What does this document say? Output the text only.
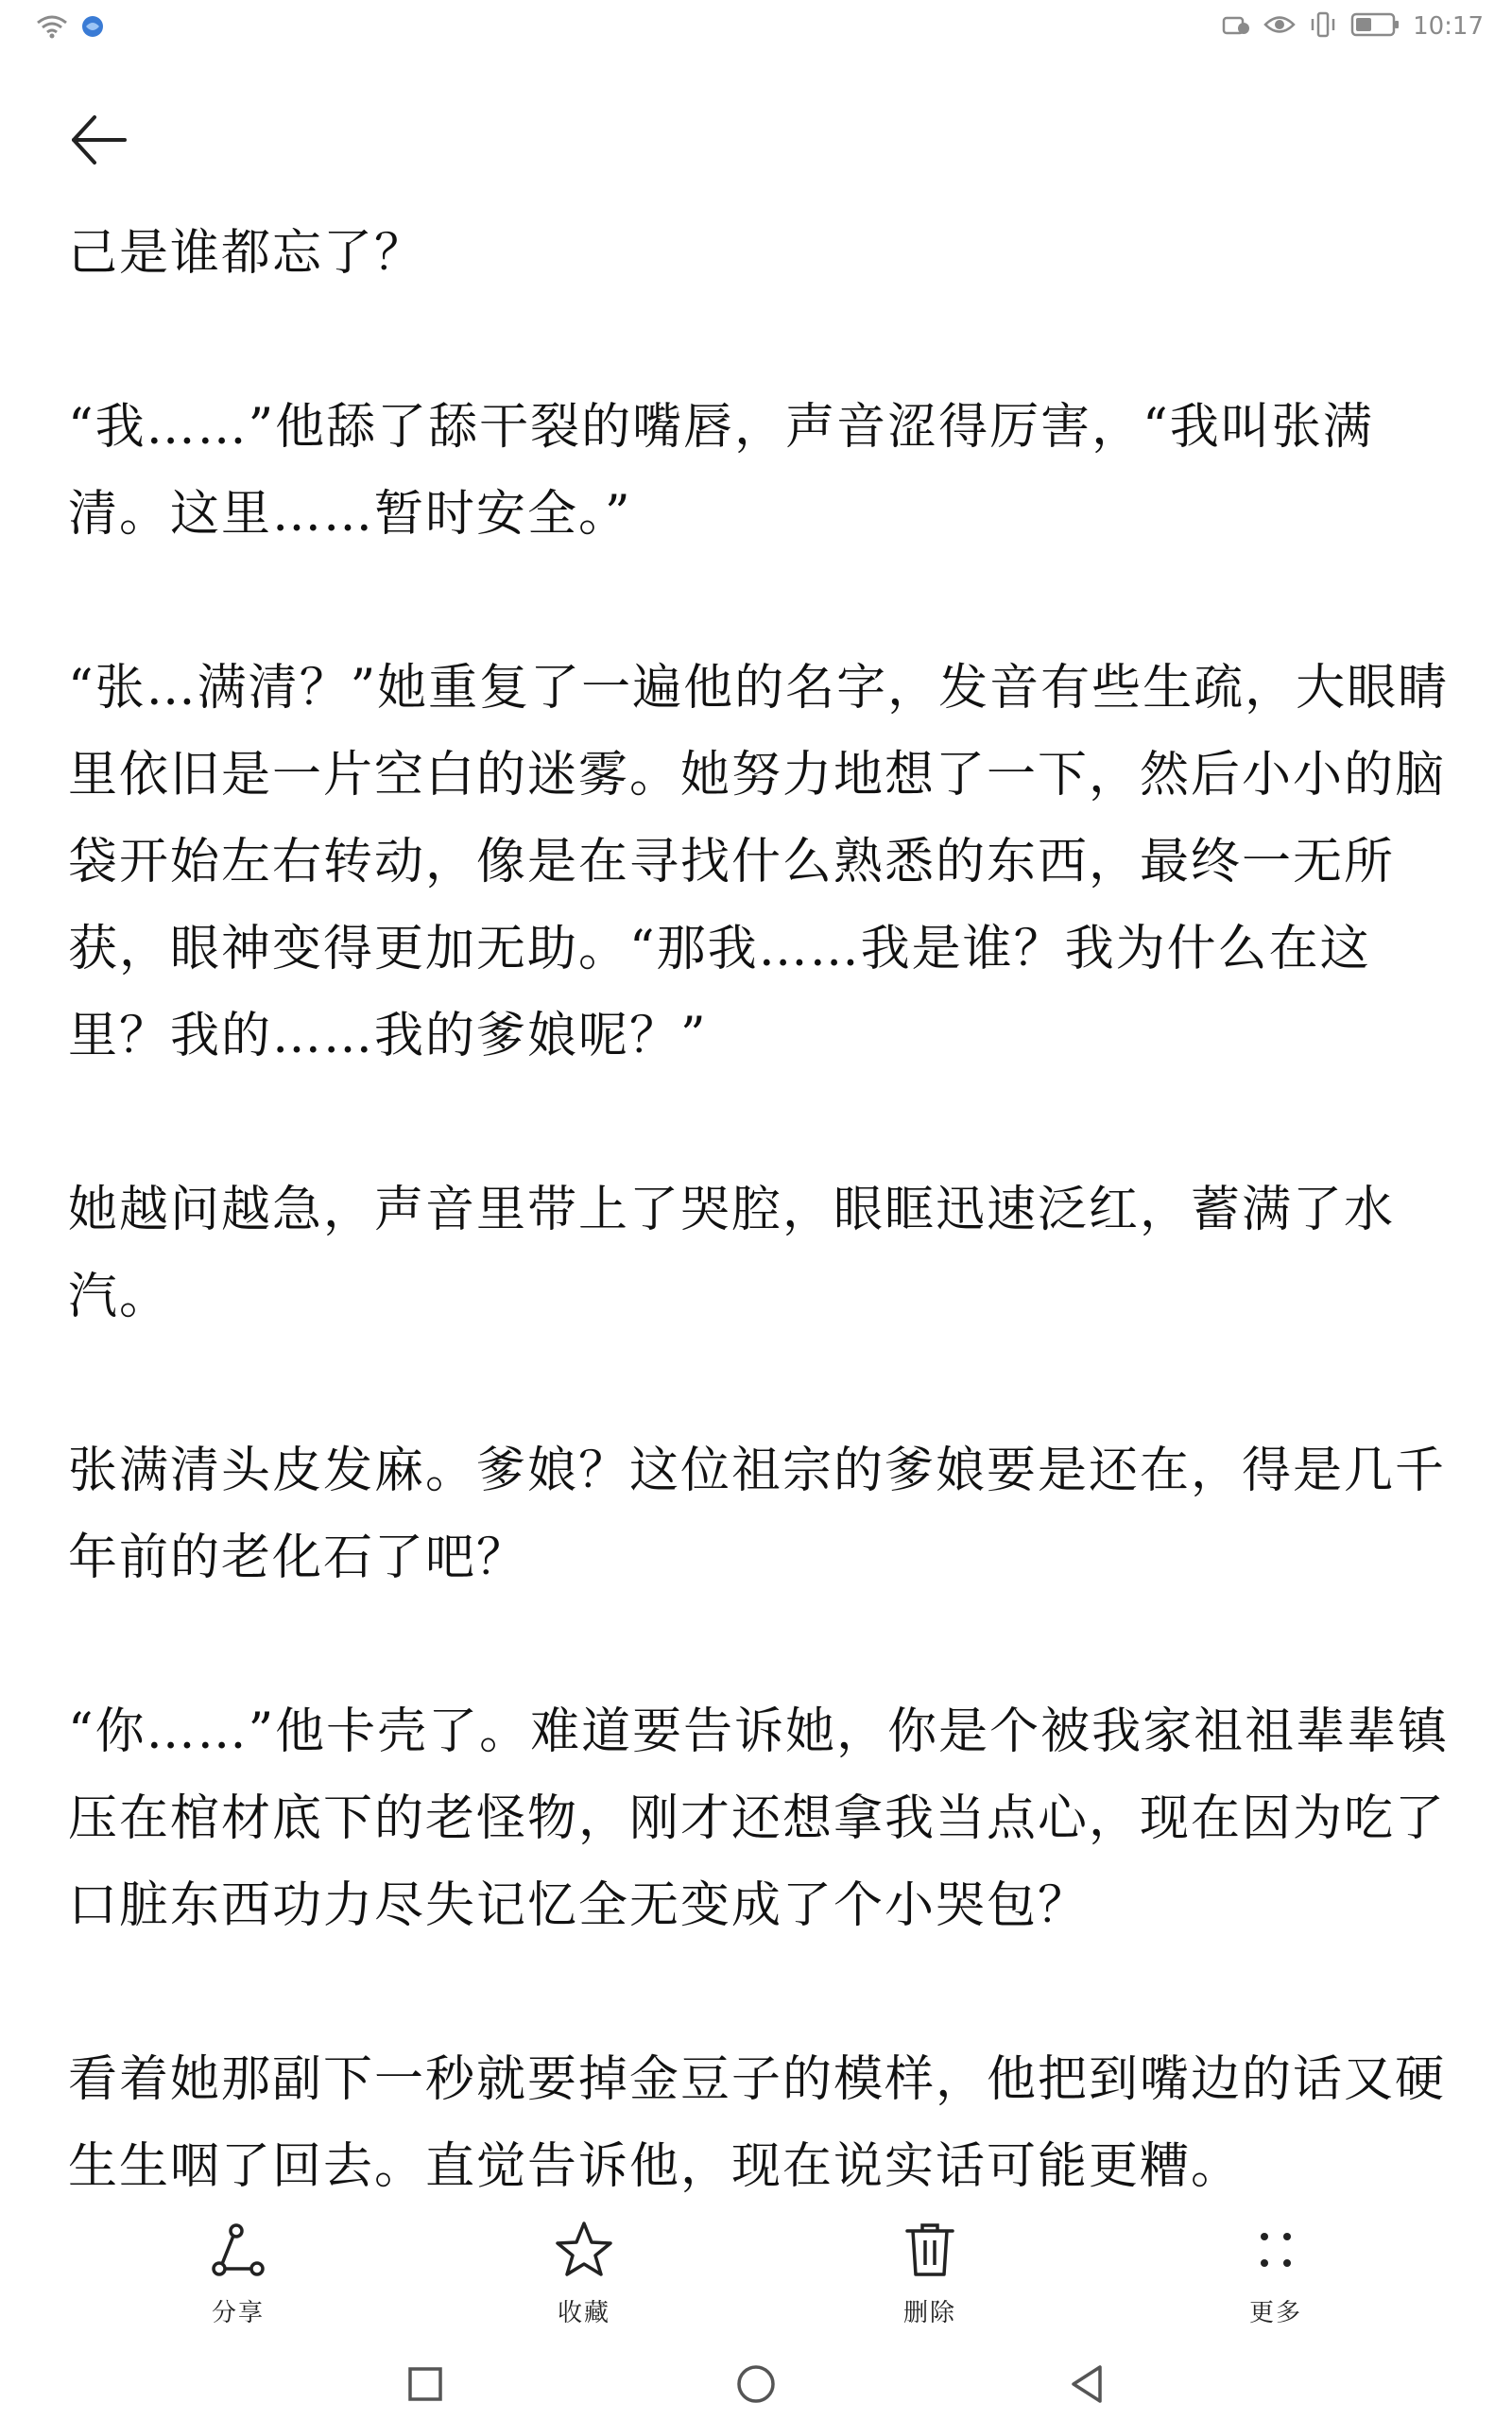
10:17

己是谁都忘了？

“我……”他舔了舔干裂的嘴唇，声音涩得厉害，“我叫张满清。这里……暂时安全。”

“张…满清？”她重复了一遍他的名字，发音有些生疏，大眼睛里依旧是一片空白的迷雾。她努力地想了一下，然后小小的脑袋开始左右转动，像是在寻找什么熟悉的东西，最终一无所获，眼神变得更加无助。“那我……我是谁？我为什么在这里？我的……我的爹娘呢？”

她越问越急，声音里带上了哭腔，眼眶迅速泛红，蓄满了水汽。

张满清头皮发麻。爹娘？这位祖宗的爹娘要是还在，得是几千年前的老化石了吧？

“你……”他卡壳了。难道要告诉她，你是个被我家祖祖辈辈镇压在棺材底下的老怪物，刚才还想拿我当点心，现在因为吃了口脏东西功力尽失记忆全无变成了个小哭包？

看着她那副下一秒就要掉金豆子的模样，他把到嘴边的话又硬生生咽了回去。直觉告诉他，现在说实话可能更糟。

分享	收藏	删除	更多
